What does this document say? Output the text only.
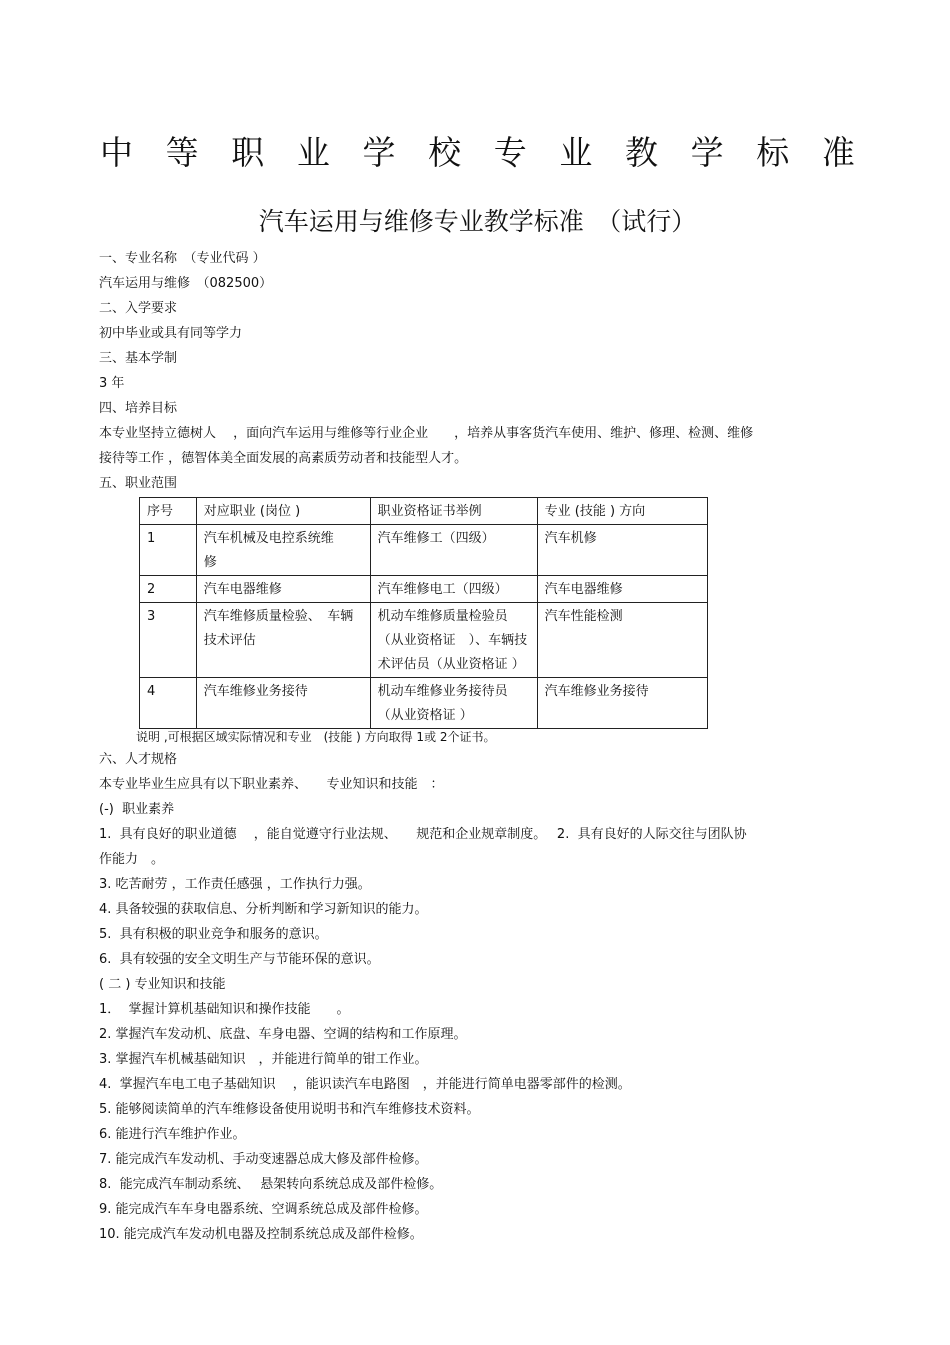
中 等 职 业 学 校 专 业 教 学 标 准
汽车运用与维修专业教学标准　（试行）
一、专业名称　（专业代码 ）
汽车运用与维修　（082500）
二、入学要求
初中毕业或具有同等学力
三、基本学制
3 年
四、培养目标
本专业坚持立德树人　 ，面向汽车运用与维修等行业企业　　，培养从事客货汽车使用、维护、修理、检测、维修
接待等工作 ，德智体美全面发展的高素质劳动者和技能型人才。
五、职业范围
序号	对应职业 (岗位 )	职业资格证书举例	专业 (技能 ) 方向
1	汽车机械及电控系统维
修	汽车维修工（四级）	汽车机修
2	汽车电器维修	汽车维修电工（四级）	汽车电器维修
3	汽车维修质量检验、　车辆
技术评估	机动车维修质量检验员
（从业资格证　）、车辆技
术评估员（从业资格证 ）	汽车性能检测
4	汽车维修业务接待	机动车维修业务接待员
（从业资格证 ）	汽车维修业务接待
说明 ,可根据区域实际情况和专业　(技能 ) 方向取得 1或 2个证书。
六、人才规格
本专业毕业生应具有以下职业素养、　　专业知识和技能　：
(-)  职业素养
1.  具有良好的职业道德　 ，能自觉遵守行业法规、　　规范和企业规章制度。　 2.  具有良好的人际交往与团队协
作能力　。
3. 吃苦耐劳 ，工作责任感强 ，工作执行力强。
4. 具备较强的获取信息、分析判断和学习新知识的能力。
5.  具有积极的职业竞争和服务的意识。
6.  具有较强的安全文明生产与节能环保的意识。
( 二 ) 专业知识和技能
1．  掌握计算机基础知识和操作技能　　。
2. 掌握汽车发动机、底盘、车身电器、空调的结构和工作原理。
3. 掌握汽车机械基础知识　，并能进行简单的钳工作业。
4.  掌握汽车电工电子基础知识　 ，能识读汽车电路图　，并能进行简单电器零部件的检测。
5. 能够阅读简单的汽车维修设备使用说明书和汽车维修技术资料。
6. 能进行汽车维护作业。
7. 能完成汽车发动机、手动变速器总成大修及部件检修。
8.  能完成汽车制动系统、　 悬架转向系统总成及部件检修。
9. 能完成汽车车身电器系统、空调系统总成及部件检修。
10. 能完成汽车发动机电器及控制系统总成及部件检修。
